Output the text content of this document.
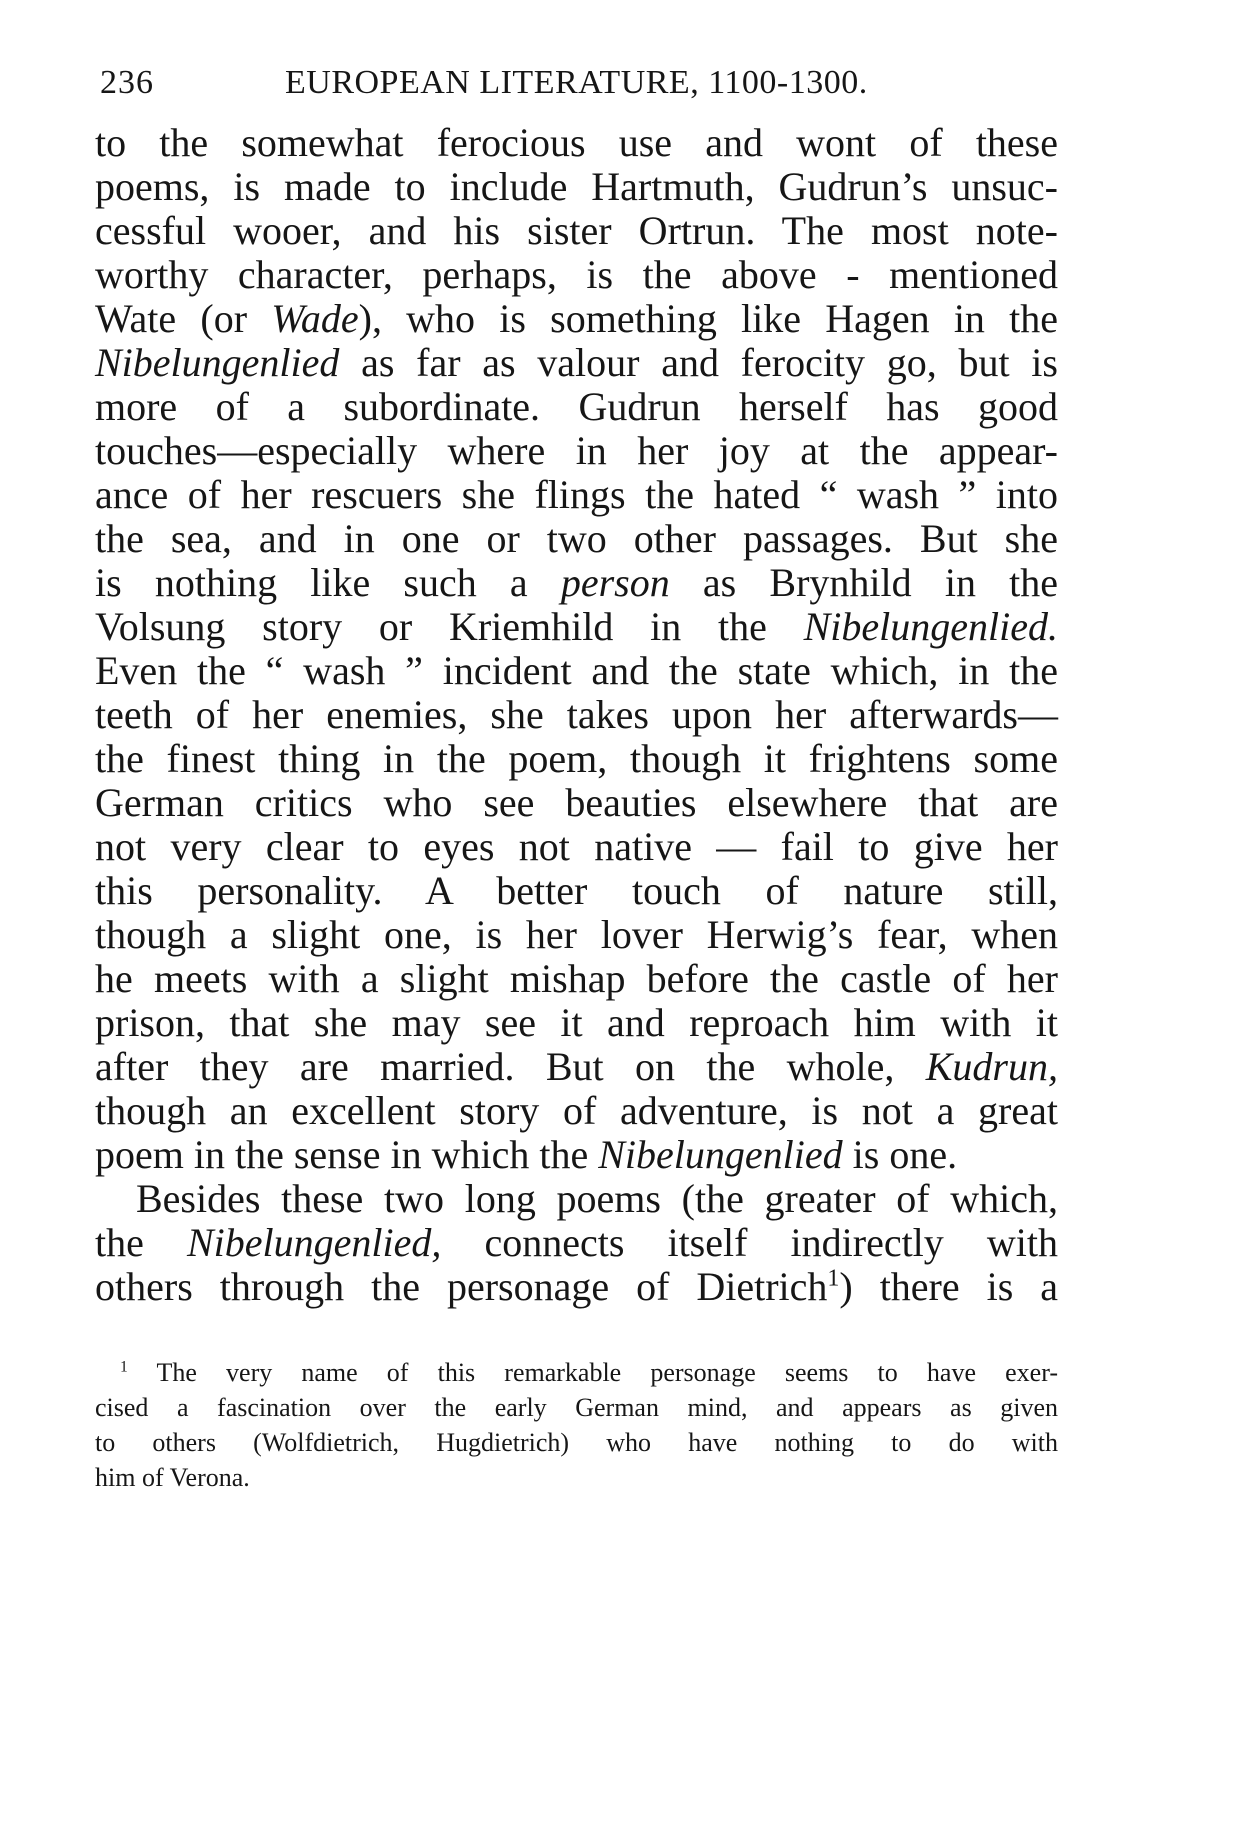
236	EUROPEAN LITERATURE, 1100-1300.
to the somewhat ferocious use and wont of these
poems, is made to include Hartmuth, Gudrun’s unsuc-
cessful wooer, and his sister Ortrun. The most note-
worthy character, perhaps, is the above - mentioned
Wate (or Wade), who is something like Hagen in the
Nibelungenlied as far as valour and ferocity go, but is
more of a subordinate. Gudrun herself has good
touches—especially where in her joy at the appear-
ance of her rescuers she flings the hated “ wash ” into
the sea, and in one or two other passages. But she
is nothing like such a person as Brynhild in the
Volsung story or Kriemhild in the Nibelungenlied.
Even the “ wash ” incident and the state which, in the
teeth of her enemies, she takes upon her afterwards—
the finest thing in the poem, though it frightens some
German critics who see beauties elsewhere that are
not very clear to eyes not native — fail to give her
this personality. A better touch of nature still,
though a slight one, is her lover Herwig’s fear, when
he meets with a slight mishap before the castle of her
prison, that she may see it and reproach him with it
after they are married. But on the whole, Kudrun,
though an excellent story of adventure, is not a great
poem in the sense in which the Nibelungenlied is one.
Besides these two long poems (the greater of which,
the Nibelungenlied, connects itself indirectly with
others through the personage of Dietrich$^1$) there is a
$^1$ The very name of this remarkable personage seems to have exer-
cised a fascination over the early German mind, and appears as given
to others (Wolfdietrich, Hugdietrich) who have nothing to do with
him of Verona.
